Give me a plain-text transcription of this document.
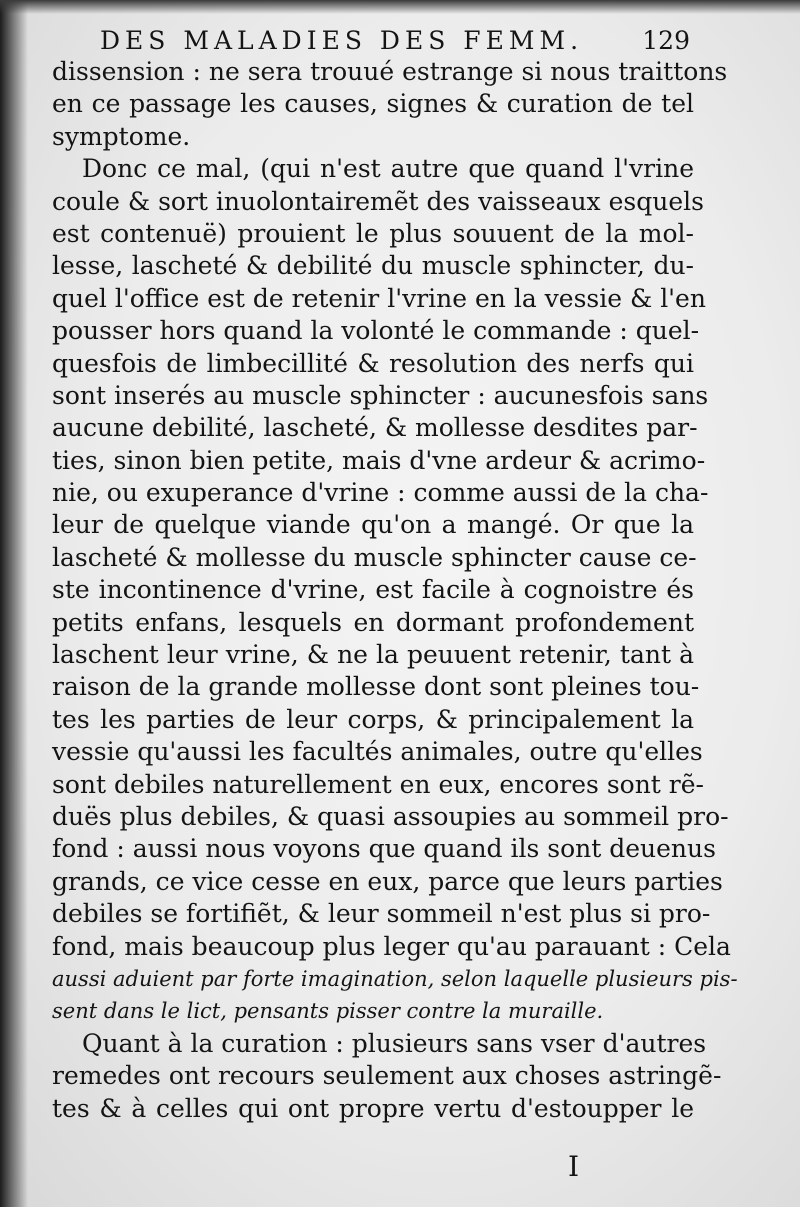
DES MALADIES DES FEMM. 129
dissension : ne sera trouué estrange si nous traittons
en ce passage les causes, signes & curation de tel
symptome.
Donc ce mal, (qui n'est autre que quand l'vrine
coule & sort inuolontairemẽt des vaisseaux esquels
est contenuë) prouient le plus souuent de la mol-
lesse, lascheté & debilité du muscle sphincter, du-
quel l'office est de retenir l'vrine en la vessie & l'en
pousser hors quand la volonté le commande : quel-
quesfois de limbecillité & resolution des nerfs qui
sont inserés au muscle sphincter : aucunesfois sans
aucune debilité, lascheté, & mollesse desdites par-
ties, sinon bien petite, mais d'vne ardeur & acrimo-
nie, ou exuperance d'vrine : comme aussi de la cha-
leur de quelque viande qu'on a mangé. Or que la
lascheté & mollesse du muscle sphincter cause ce-
ste incontinence d'vrine, est facile à cognoistre és
petits enfans, lesquels en dormant profondement
laschent leur vrine, & ne la peuuent retenir, tant à
raison de la grande mollesse dont sont pleines tou-
tes les parties de leur corps, & principalement la
vessie qu'aussi les facultés animales, outre qu'elles
sont debiles naturellement en eux, encores sont rẽ-
duës plus debiles, & quasi assoupies au sommeil pro-
fond : aussi nous voyons que quand ils sont deuenus
grands, ce vice cesse en eux, parce que leurs parties
debiles se fortifiẽt, & leur sommeil n'est plus si pro-
fond, mais beaucoup plus leger qu'au parauant : Cela
aussi aduient par forte imagination, selon laquelle plusieurs pis-
sent dans le lict, pensants pisser contre la muraille.
Quant à la curation : plusieurs sans vser d'autres
remedes ont recours seulement aux choses astringẽ-
tes & à celles qui ont propre vertu d'estoupper le
I
